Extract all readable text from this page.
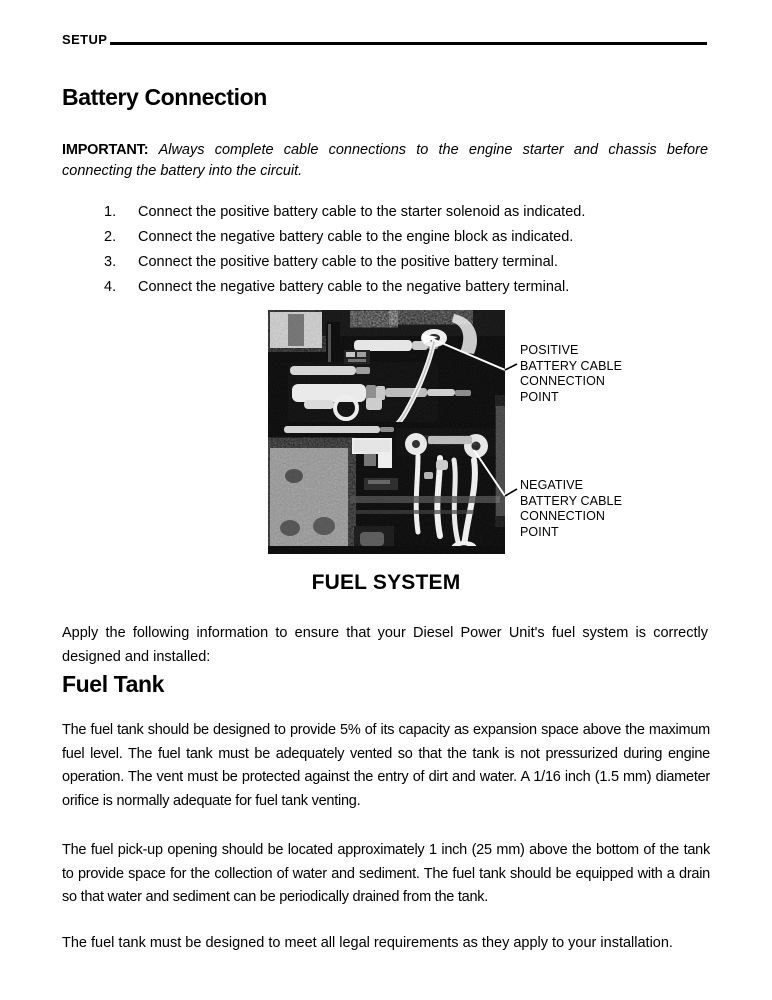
SETUP
Battery Connection
IMPORTANT: Always complete cable connections to the engine starter and chassis before connecting the battery into the circuit.
1.	Connect the positive battery cable to the starter solenoid as indicated.
2.	Connect the negative battery cable to the engine block as indicated.
3.	Connect the positive battery cable to the positive battery terminal.
4.	Connect the negative battery cable to the negative battery terminal.
POSITIVE
BATTERY CABLE
CONNECTION
POINT
NEGATIVE
BATTERY CABLE
CONNECTION
POINT
FUEL SYSTEM
Apply the following information to ensure that your Diesel Power Unit's fuel system is correctly designed and installed:
Fuel Tank
The fuel tank should be designed to provide 5% of its capacity as expansion space above the maximum fuel level. The fuel tank must be adequately vented so that the tank is not pressurized during engine operation. The vent must be protected against the entry of dirt and water. A 1/16 inch (1.5 mm) diameter orifice is normally adequate for fuel tank venting.
The fuel pick-up opening should be located approximately 1 inch (25 mm) above the bottom of the tank to provide space for the collection of water and sediment. The fuel tank should be equipped with a drain so that water and sediment can be periodically drained from the tank.
The fuel tank must be designed to meet all legal requirements as they apply to your installation.
